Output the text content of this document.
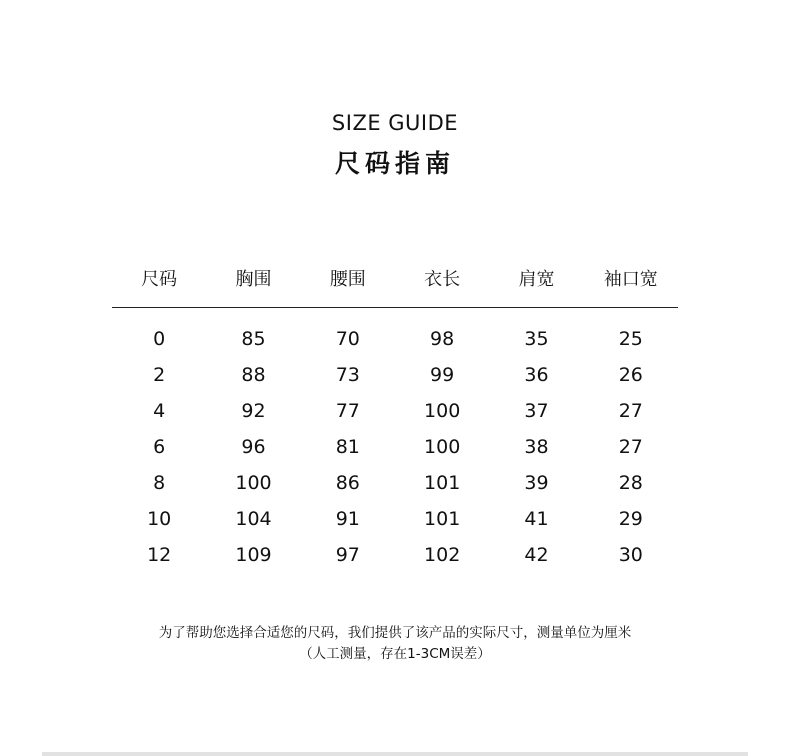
SIZE GUIDE
尺码指南
尺码	胸围	腰围	衣长	肩宽	袖口宽
0	85	70	98	35	25
2	88	73	99	36	26
4	92	77	100	37	27
6	96	81	100	38	27
8	100	86	101	39	28
10	104	91	101	41	29
12	109	97	102	42	30
为了帮助您选择合适您的尺码，我们提供了该产品的实际尺寸，测量单位为厘米
（人工测量，存在1-3CM误差）
